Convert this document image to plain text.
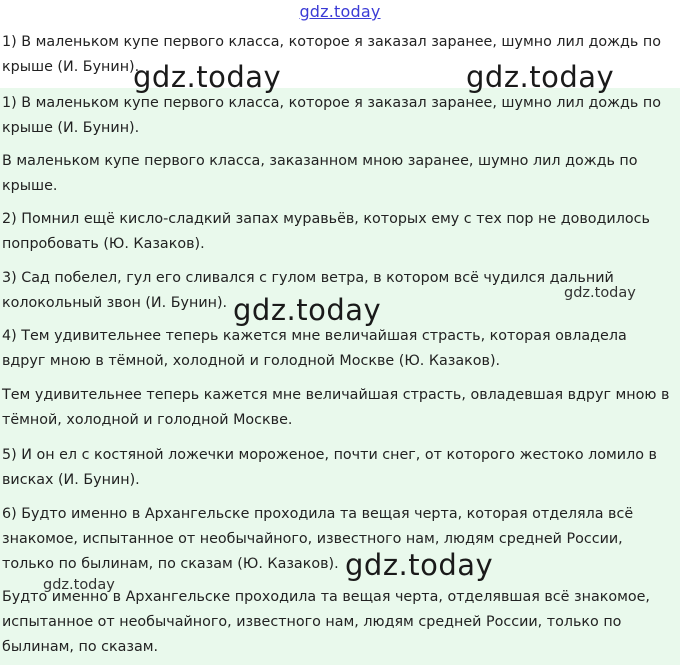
gdz.today
1) В маленьком купе первого класса, которое я заказал заранее, шумно лил дождь по крыше (И. Бунин).

1) В маленьком купе первого класса, которое я заказал заранее, шумно лил дождь по крыше (И. Бунин).

В маленьком купе первого класса, заказанном мною заранее, шумно лил дождь по крыше.

2) Помнил ещё кисло-сладкий запах муравьёв, которых ему с тех пор не доводилось попробовать (Ю. Казаков).

3) Сад побелел, гул его сливался с гулом ветра, в котором всё чудился дальний колокольный звон (И. Бунин).

4) Тем удивительнее теперь кажется мне величайшая страсть, которая овладела вдруг мною в тёмной, холодной и голодной Москве (Ю. Казаков).

Тем удивительнее теперь кажется мне величайшая страсть, овладевшая вдруг мною в тёмной, холодной и голодной Москве.

5) И он ел с костяной ложечки мороженое, почти снег, от которого жестоко ломило в висках (И. Бунин).

6) Будто именно в Архангельске проходила та вещая черта, которая отделяла всё знакомое, испытанное от необычайного, известного нам, людям средней России, только по былинам, по сказам (Ю. Казаков).

Будто именно в Архангельске проходила та вещая черта, отделявшая всё знакомое, испытанное от необычайного, известного нам, людям средней России, только по былинам, по сказам.

gdz.today	gdz.today
gdz.today	gdz.today
gdz.today
gdz.today
